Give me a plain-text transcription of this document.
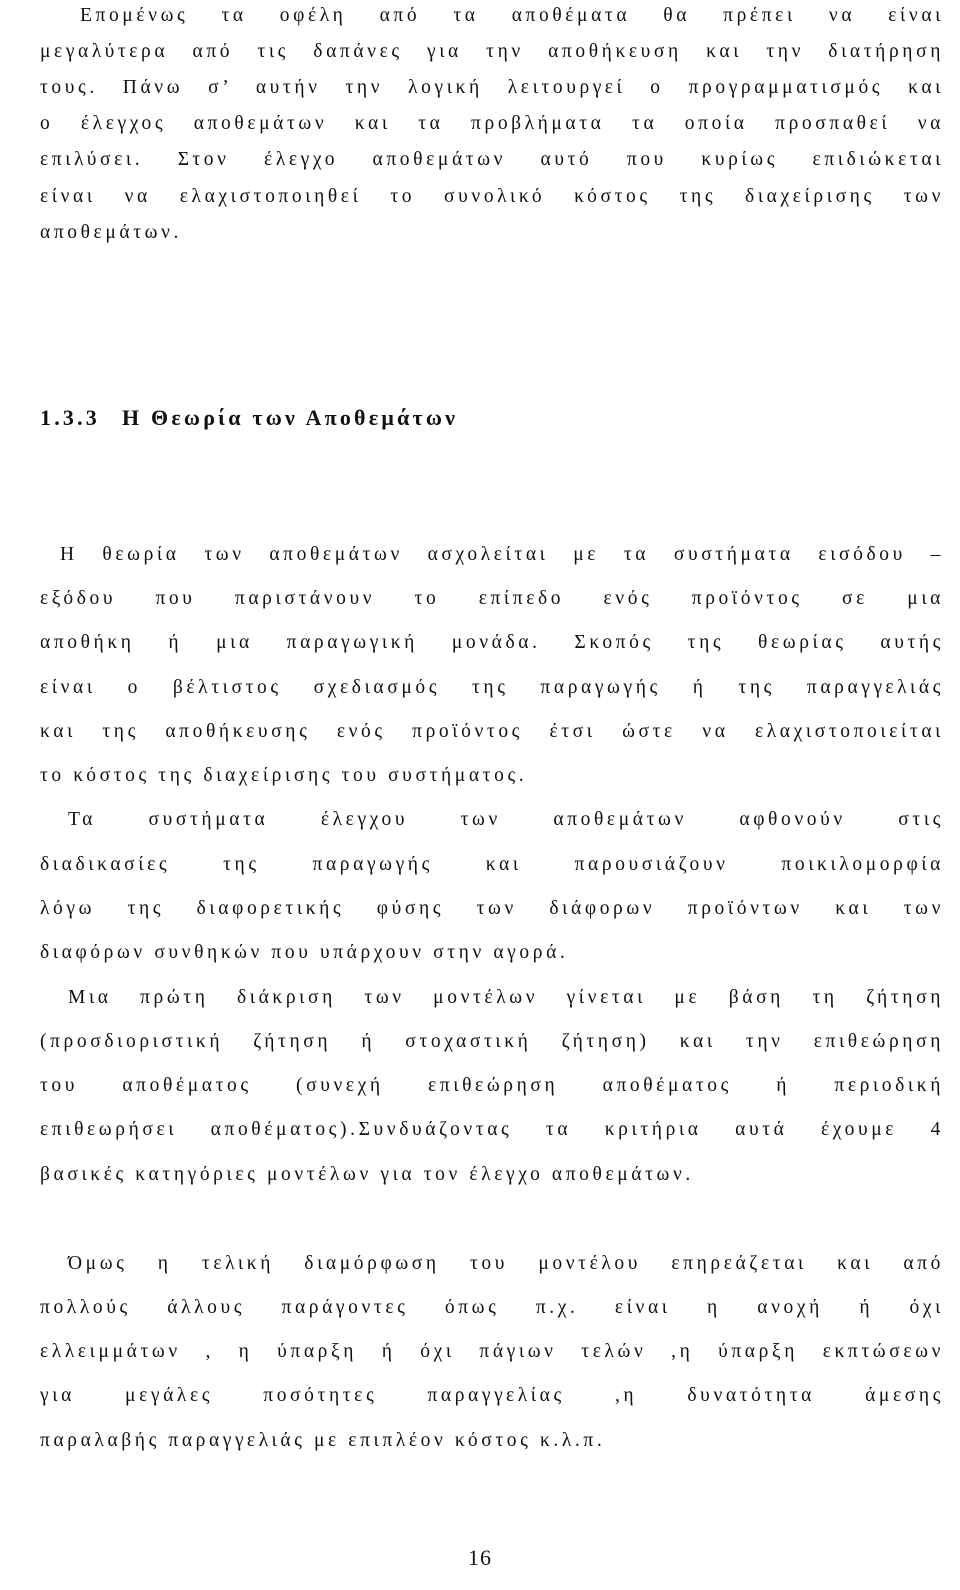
Επομένως τα οφέλη από τα αποθέματα θα πρέπει να είναι
μεγαλύτερα από τις δαπάνες για την αποθήκευση και την διατήρηση
τους. Πάνω σ’ αυτήν την λογική λειτουργεί ο προγραμματισμός και
ο έλεγχος αποθεμάτων και τα προβλήματα τα οποία προσπαθεί να
επιλύσει. Στον έλεγχο αποθεμάτων αυτό που κυρίως επιδιώκεται
είναι να ελαχιστοποιηθεί το συνολικό κόστος της διαχείρισης των
αποθεμάτων.
1.3.3 Η Θεωρία των Αποθεμάτων
Η θεωρία των αποθεμάτων ασχολείται με τα συστήματα εισόδου –
εξόδου που παριστάνουν το επίπεδο ενός προϊόντος σε μια
αποθήκη ή μια παραγωγική μονάδα. Σκοπός της θεωρίας αυτής
είναι ο βέλτιστος σχεδιασμός της παραγωγής ή της παραγγελιάς
και της αποθήκευσης ενός προϊόντος έτσι ώστε να ελαχιστοποιείται
το κόστος της διαχείρισης του συστήματος.
Τα συστήματα έλεγχου των αποθεμάτων αφθονούν στις
διαδικασίες της παραγωγής και παρουσιάζουν ποικιλομορφία
λόγω της διαφορετικής φύσης των διάφορων προϊόντων και των
διαφόρων συνθηκών που υπάρχουν στην αγορά.
Μια πρώτη διάκριση των μοντέλων γίνεται με βάση τη ζήτηση
(προσδιοριστική ζήτηση ή στοχαστική ζήτηση) και την επιθεώρηση
του αποθέματος (συνεχή επιθεώρηση αποθέματος ή περιοδική
επιθεωρήσει αποθέματος).Συνδυάζοντας τα κριτήρια αυτά έχουμε 4
βασικές κατηγόριες μοντέλων για τον έλεγχο αποθεμάτων.
Όμως η τελική διαμόρφωση του μοντέλου επηρεάζεται και από
πολλούς άλλους παράγοντες όπως π.χ. είναι η ανοχή ή όχι
ελλειμμάτων , η ύπαρξη ή όχι πάγιων τελών ,η ύπαρξη εκπτώσεων
για μεγάλες ποσότητες παραγγελίας ,η δυνατότητα άμεσης
παραλαβής παραγγελιάς με επιπλέον κόστος κ.λ.π.
16
